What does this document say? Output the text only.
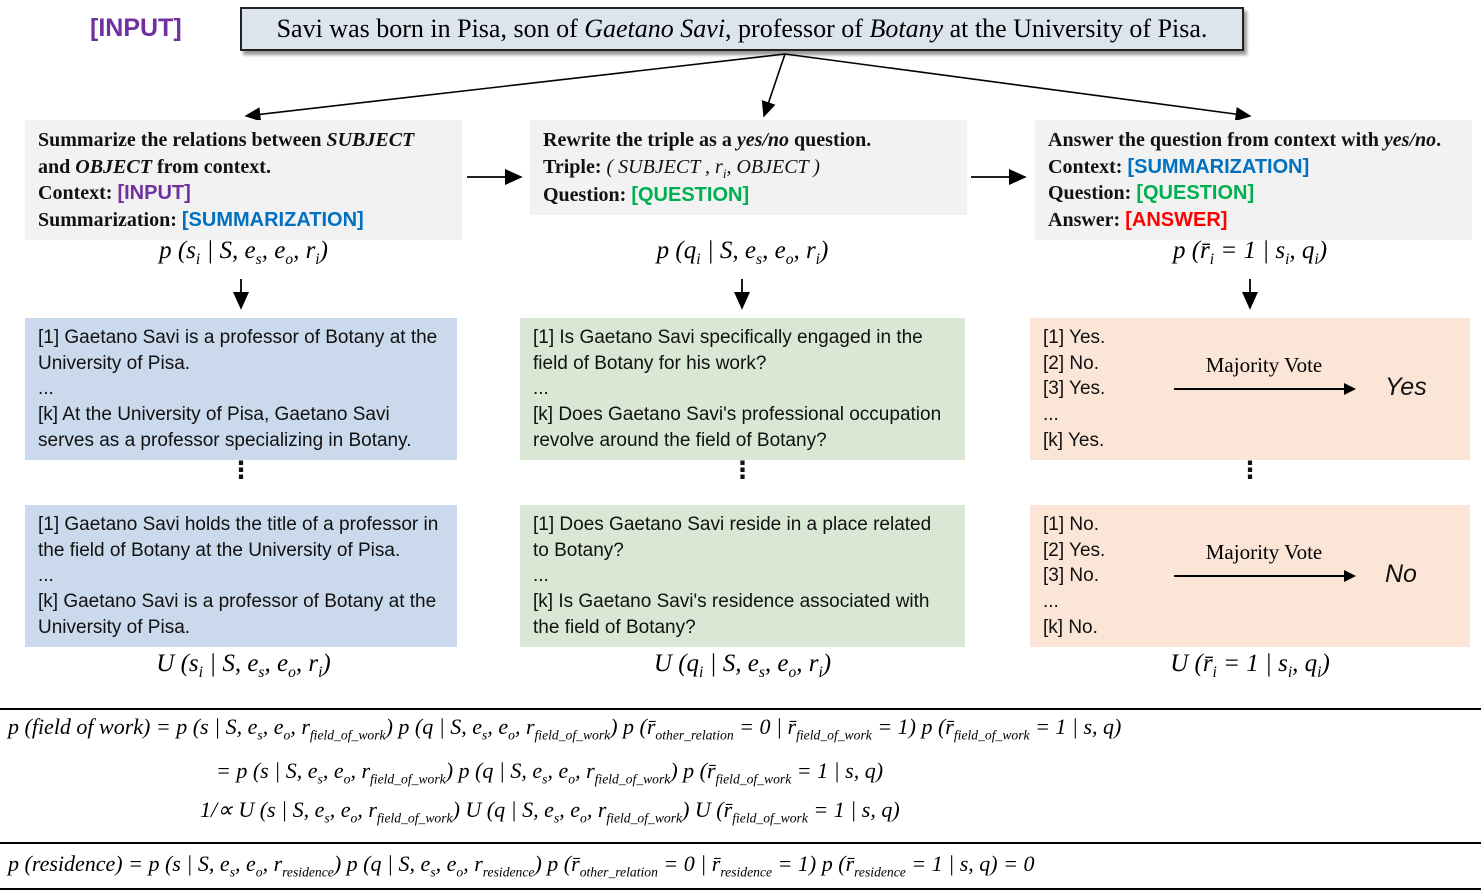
[INPUT]	Savi was born in Pisa, son of Gaetano Savi, professor of Botany at the University of Pisa.
Summarize the relations between SUBJECT
and OBJECT from context.
Context: [INPUT]
Summarization: [SUMMARIZATION]
Rewrite the triple as a yes/no question.
Triple: ( SUBJECT , $r_i$, OBJECT )
Question: [QUESTION]
Answer the question from context with yes/no.
Context: [SUMMARIZATION]
Question: [QUESTION]
Answer: [ANSWER]
p ($s_i$ | S, $e_s$, $e_o$, $r_i$)	p ($q_i$ | S, $e_s$, $e_o$, $r_i$)	p ($r̄_i = 1$ | $s_i$, $q_i$)
[1] Gaetano Savi is a professor of Botany at the University of Pisa.
...
[k] At the University of Pisa, Gaetano Savi serves as a professor specializing in Botany.
[1] Is Gaetano Savi specifically engaged in the field of Botany for his work?
...
[k] Does Gaetano Savi's professional occupation revolve around the field of Botany?
[1] Yes.
[2] No.
[3] Yes.
...
[k] Yes.
Majority Vote
Yes
⋮	⋮	⋮
[1] Gaetano Savi holds the title of a professor in the field of Botany at the University of Pisa.
...
[k] Gaetano Savi is a professor of Botany at the University of Pisa.
[1] Does Gaetano Savi reside in a place related to Botany?
...
[k] Is Gaetano Savi's residence associated with the field of Botany?
[1] No.
[2] Yes.
[3] No.
...
[k] No.
Majority Vote
No
U ($s_i$ | S, $e_s$, $e_o$, $r_i$)	U ($q_i$ | S, $e_s$, $e_o$, $r_i$)	U ($r̄_i = 1$ | $s_i$, $q_i$)
p (field of work) = p (s | S, $e_s$, $e_o$, $r_{field\_of\_work}$) p (q | S, $e_s$, $e_o$, $r_{field\_of\_work}$) p ($r̄_{other\_relation} = 0$ | $r̄_{field\_of\_work} = 1$) p ($r̄_{field\_of\_work} = 1$ | s, q)
= p (s | S, $e_s$, $e_o$, $r_{field\_of\_work}$) p (q | S, $e_s$, $e_o$, $r_{field\_of\_work}$) p ($r̄_{field\_of\_work} = 1$ | s, q)
1/∝ U (s | S, $e_s$, $e_o$, $r_{field\_of\_work}$) U (q | S, $e_s$, $e_o$, $r_{field\_of\_work}$) U ($r̄_{field\_of\_work} = 1$ | s, q)
p (residence) = p (s | S, $e_s$, $e_o$, $r_{residence}$) p (q | S, $e_s$, $e_o$, $r_{residence}$) p ($r̄_{other\_relation} = 0$ | $r̄_{residence} = 1$) p ($r̄_{residence} = 1$ | s, q) = 0
